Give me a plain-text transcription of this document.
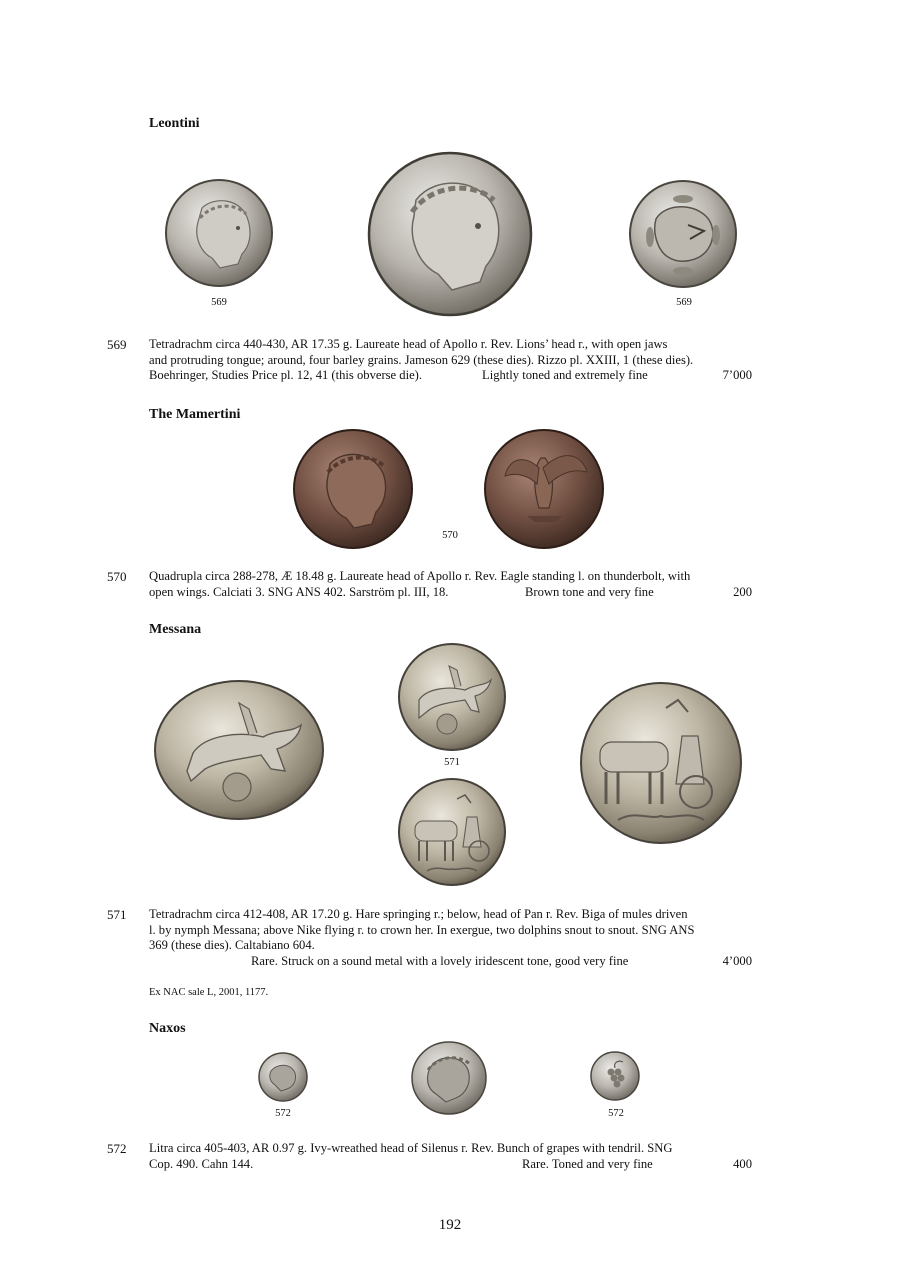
Leontini
569	569
569 Tetradrachm circa 440-430, AR 17.35 g. Laureate head of Apollo r. Rev. Lions’ head r., with open jaws
and protruding tongue; around, four barley grains. Jameson 629 (these dies). Rizzo pl. XXIII, 1 (these dies).
Boehringer, Studies Price pl. 12, 41 (this obverse die).	Lightly toned and extremely fine	7’000
The Mamertini
570
570 Quadrupla circa 288-278, Æ 18.48 g. Laureate head of Apollo r. Rev. Eagle standing l. on thunderbolt, with
open wings. Calciati 3. SNG ANS 402. Sarström pl. III, 18.	Brown tone and very fine	200
Messana
571
571 Tetradrachm circa 412-408, AR 17.20 g. Hare springing r.; below, head of Pan r. Rev. Biga of mules driven
l. by nymph Messana; above Nike flying r. to crown her. In exergue, two dolphins snout to snout. SNG ANS
369 (these dies). Caltabiano 604.
Rare. Struck on a sound metal with a lovely iridescent tone, good very fine	4’000
Ex NAC sale L, 2001, 1177.
Naxos
572	572
572 Litra circa 405-403, AR 0.97 g. Ivy-wreathed head of Silenus r. Rev. Bunch of grapes with tendril. SNG
Cop. 490. Cahn 144.	Rare. Toned and very fine	400
192
